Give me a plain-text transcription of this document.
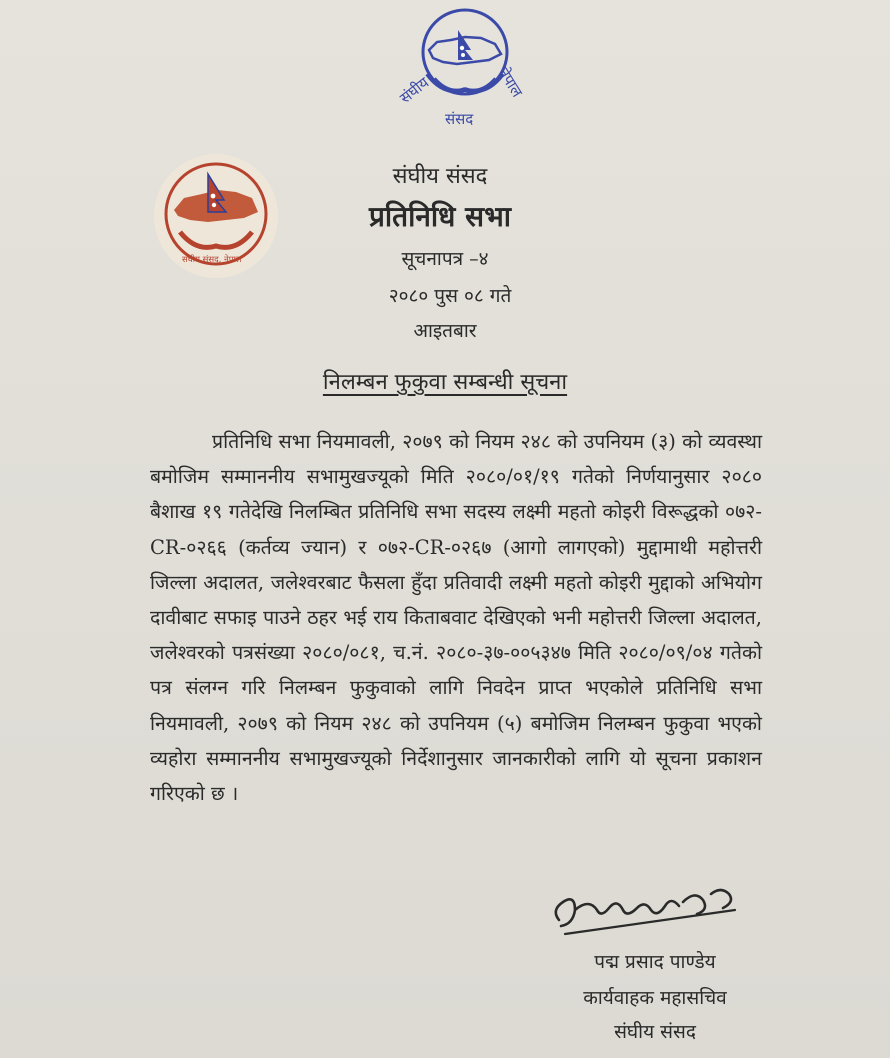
संघीय	नेपाल
संसद
संघीय संसद, नेपाल
संघीय संसद
प्रतिनिधि सभा
सूचनापत्र –४
२०८० पुस ०८ गते
आइतबार
निलम्बन फुकुवा सम्बन्धी सूचना
प्रतिनिधि सभा नियमावली, २०७९ को नियम २४८ को उपनियम (३) को व्यवस्था बमोजिम सम्माननीय सभामुखज्यूको मिति २०८०/०१/१९ गतेको निर्णयानुसार २०८० बैशाख १९ गतेदेखि निलम्बित प्रतिनिधि सभा सदस्य लक्ष्मी महतो कोइरी विरूद्धको ०७२-CR-०२६६ (कर्तव्य ज्यान) र ०७२-CR-०२६७ (आगो लागएको) मुद्दामाथी महोत्तरी जिल्ला अदालत, जलेश्वरबाट फैसला हुँदा प्रतिवादी लक्ष्मी महतो कोइरी मुद्दाको अभियोग दावीबाट सफाइ पाउने ठहर भई राय किताबवाट देखिएको भनी महोत्तरी जिल्ला अदालत, जलेश्वरको पत्रसंख्या २०८०/०८१, च.नं. २०८०-३७-००५३४७ मिति २०८०/०९/०४ गतेको पत्र संलग्न गरि निलम्बन फुकुवाको लागि निवदेन प्राप्त भएकोले प्रतिनिधि सभा नियमावली, २०७९ को नियम २४८ को उपनियम (५) बमोजिम निलम्बन फुकुवा भएको व्यहोरा सम्माननीय सभामुखज्यूको निर्देशानुसार जानकारीको लागि यो सूचना प्रकाशन गरिएको छ ।
पद्म प्रसाद पाण्डेय
कार्यवाहक महासचिव
संघीय संसद
